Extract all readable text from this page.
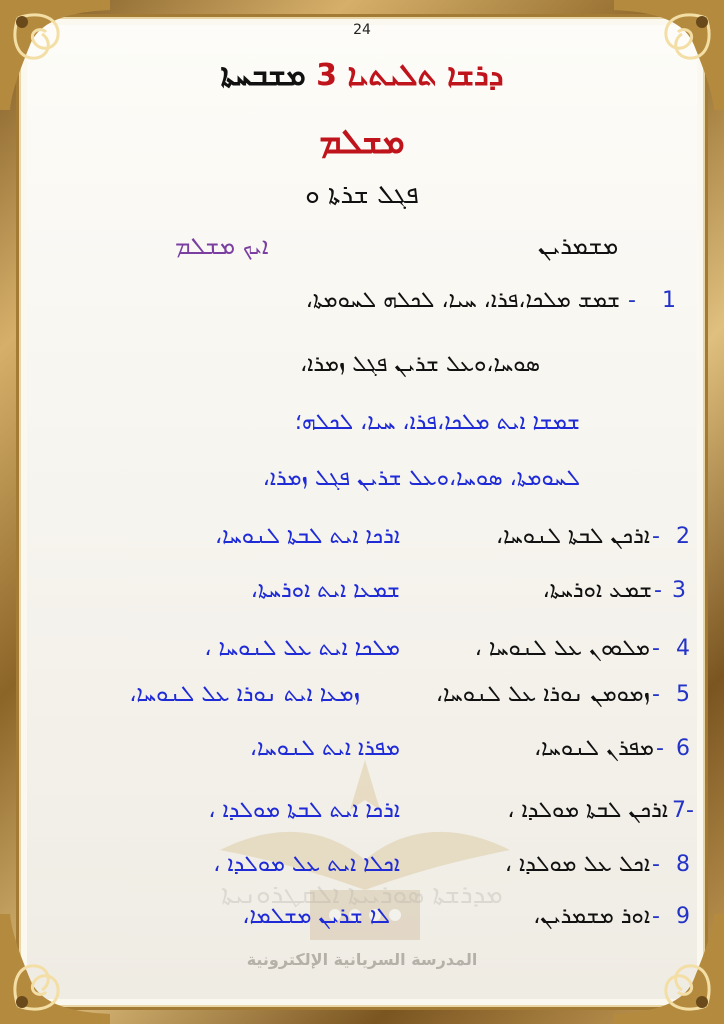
24
ܕܪܫܐ ܬܠܝܬܝܐ 3 ܡܫܒܚܬܐ
ܡܫܠܡ
ܦܓܠ ܫܪܬܐ ܘ
ܡܫܡܪܝܢ
ܐܝܟ ܡܫܠܡ
1
-
ܫܡܫ ܡܠܟܐ،ܦܪܐ، ܚܝܐ، ܠܟܠܗ ܠܚܘܡܬܐ،
ܣܘܚܐ،ܘܥܠ ܫܪܝܢ ܦܓܠ ܙܡܪܐ،
ܫܡܫܐ ܐܝܬ ܡܠܟܐ،ܦܪܐ، ܚܝܐ، ܠܟܠܗ؛
ܠܚܘܡܬܐ، ܣܘܚܐ،ܘܥܠ ܫܪܝܢ ܦܓܠ ܙܡܪܐ،
2
-
ܐܪܟܢ ܠܒܬܐ ܠܢܘܚܐ،
ܐܪܟܐ ܐܝܬ ܠܒܬܐ ܠܢܘܚܐ،
3
-
ܫܡܥ ܐܘܪܚܬܐ،
ܫܡܥܐ ܐܝܬ ܐܘܪܚܬܐ،
4
-
ܡܠܘܘܢ ܥܠ ܠܢܘܚܐ ،
ܡܠܟܐ ܐܝܬ ܥܠ ܠܢܘܚܐ ،
5
-
ܙܡܘܡܢ ܢܘܪܐ ܥܠ ܠܢܘܚܐ،
ܙܡܥܐ ܐܝܬ ܢܘܪܐ ܥܠ ܠܢܘܚܐ،
6
-
ܡܦܪܢ ܠܢܘܚܐ،
ܡܦܪܐ ܐܝܬ ܠܢܘܚܐ،
7 -
ܐܪܟܢ ܠܒܬܐ ܡܘܠܕܐ ،
ܐܪܟܐ ܐܝܬ ܠܒܬܐ ܡܘܠܕܐ ،
8
-
ܐܟܠ ܥܠ ܡܘܠܕܐ ،
ܐܟܠܐ ܐܝܬ ܥܠ ܡܘܠܕܐ ،
9
-
ܐܘܪ ܡܫܡܪܝܢ،
ܠܐ ܫܪܝܢ ܡܫܠܡܐ،
ܡܕܪܫܬܐ ܣܘܪܝܝܬܐ ܐܠܩܛܪܘܢܝܬܐ
المدرسة السريانية الإلكترونية
